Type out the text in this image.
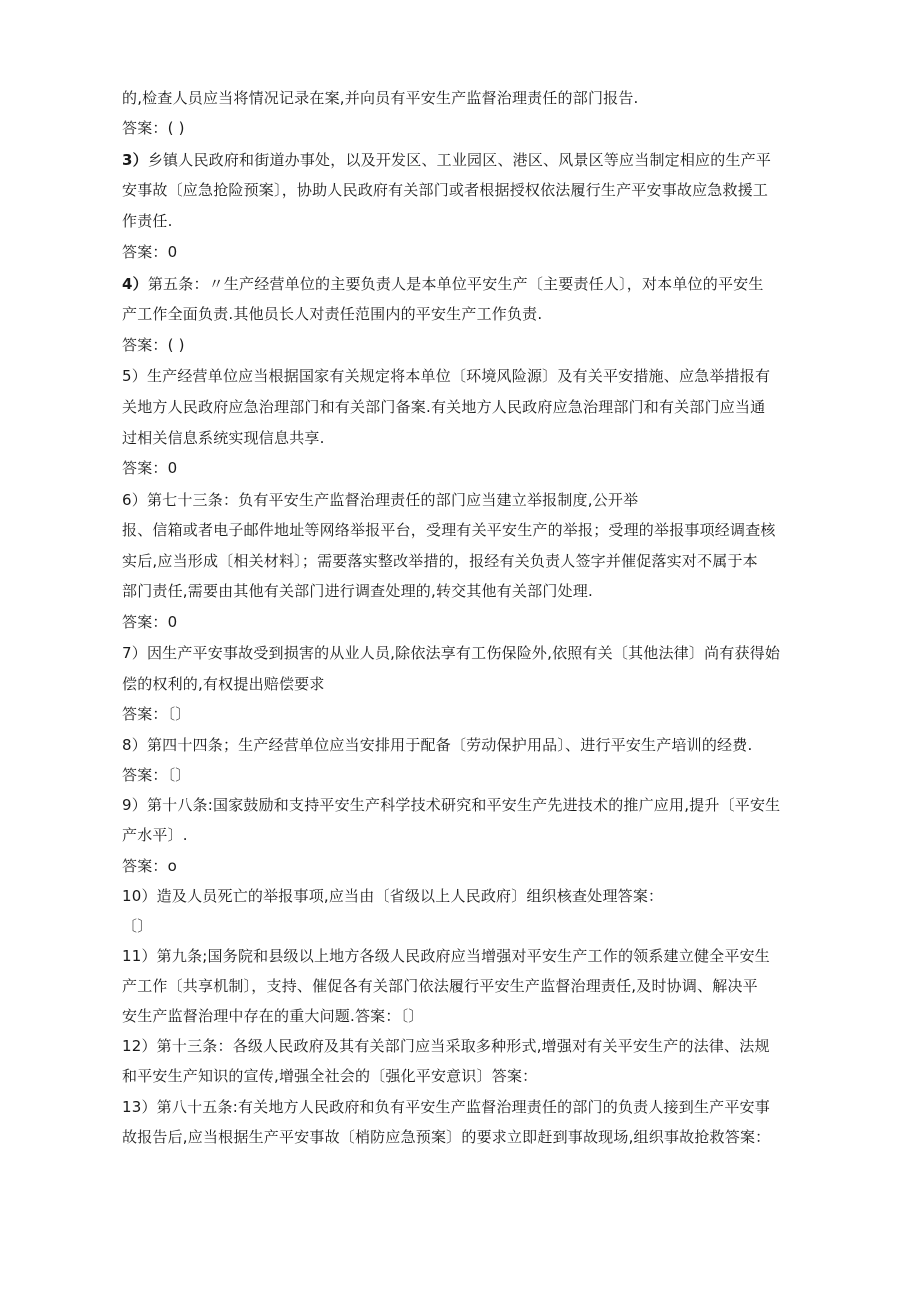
的,检查人员应当将情况记录在案,并向员有平安生产监督治理责任的部门报告.
答案：( )
3）乡镇人民政府和街道办事处，以及开发区、工业园区、港区、风景区等应当制定相应的生产平
安事故〔应急抢险预案〕，协助人民政府有关部门或者根据授权依法履行生产平安事故应急救援工
作责任.
答案：0
4）第五条：〃生产经营单位的主要负责人是本单位平安生产〔主要责任人〕，对本单位的平安生
产工作全面负责.其他员长人对责任范围内的平安生产工作负责.
答案：( )
5）生产经营单位应当根据国家有关规定将本单位〔环境风险源〕及有关平安措施、应急举措报有
关地方人民政府应急治理部门和有关部门备案.有关地方人民政府应急治理部门和有关部门应当通
过相关信息系统实现信息共享.
答案：0
6）第七十三条：负有平安生产监督治理责任的部门应当建立举报制度,公开举
报、信箱或者电子邮件地址等网络举报平台，受理有关平安生产的举报；受理的举报事项经调查核
实后,应当形成〔相关材料〕；需要落实整改举措的，报经有关负责人签字并催促落实对不属于本
部门责任,需要由其他有关部门进行调查处理的,转交其他有关部门处理.
答案：0
7）因生产平安事故受到损害的从业人员,除依法享有工伤保险外,依照有关〔其他法律〕尚有获得始
偿的权利的,有权提出赔偿要求
答案：〔〕
8）第四十四条；生产经营单位应当安排用于配备〔劳动保护用品〕、进行平安生产培训的经费.
答案：〔〕
9）第十八条:国家鼓励和支持平安生产科学技术研究和平安生产先进技术的推广应用,提升〔平安生
产水平〕.
答案：o
10）造及人员死亡的举报事项,应当由〔省级以上人民政府〕组织核查处理答案：
〔〕
11）第九条;国务院和县级以上地方各级人民政府应当增强对平安生产工作的领系建立健全平安生
产工作〔共享机制〕，支持、催促各有关部门依法履行平安生产监督治理责任,及时协调、解决平
安生产监督治理中存在的重大问题.答案：〔〕
12）第十三条：各级人民政府及其有关部门应当采取多种形式,增强对有关平安生产的法律、法规
和平安生产知识的宣传,增强全社会的〔强化平安意识〕答案：
13）第八十五条:有关地方人民政府和负有平安生产监督治理责任的部门的负责人接到生产平安事
故报告后,应当根据生产平安事故〔梢防应急预案〕的要求立即赶到事故现场,组织事故抢救答案：
